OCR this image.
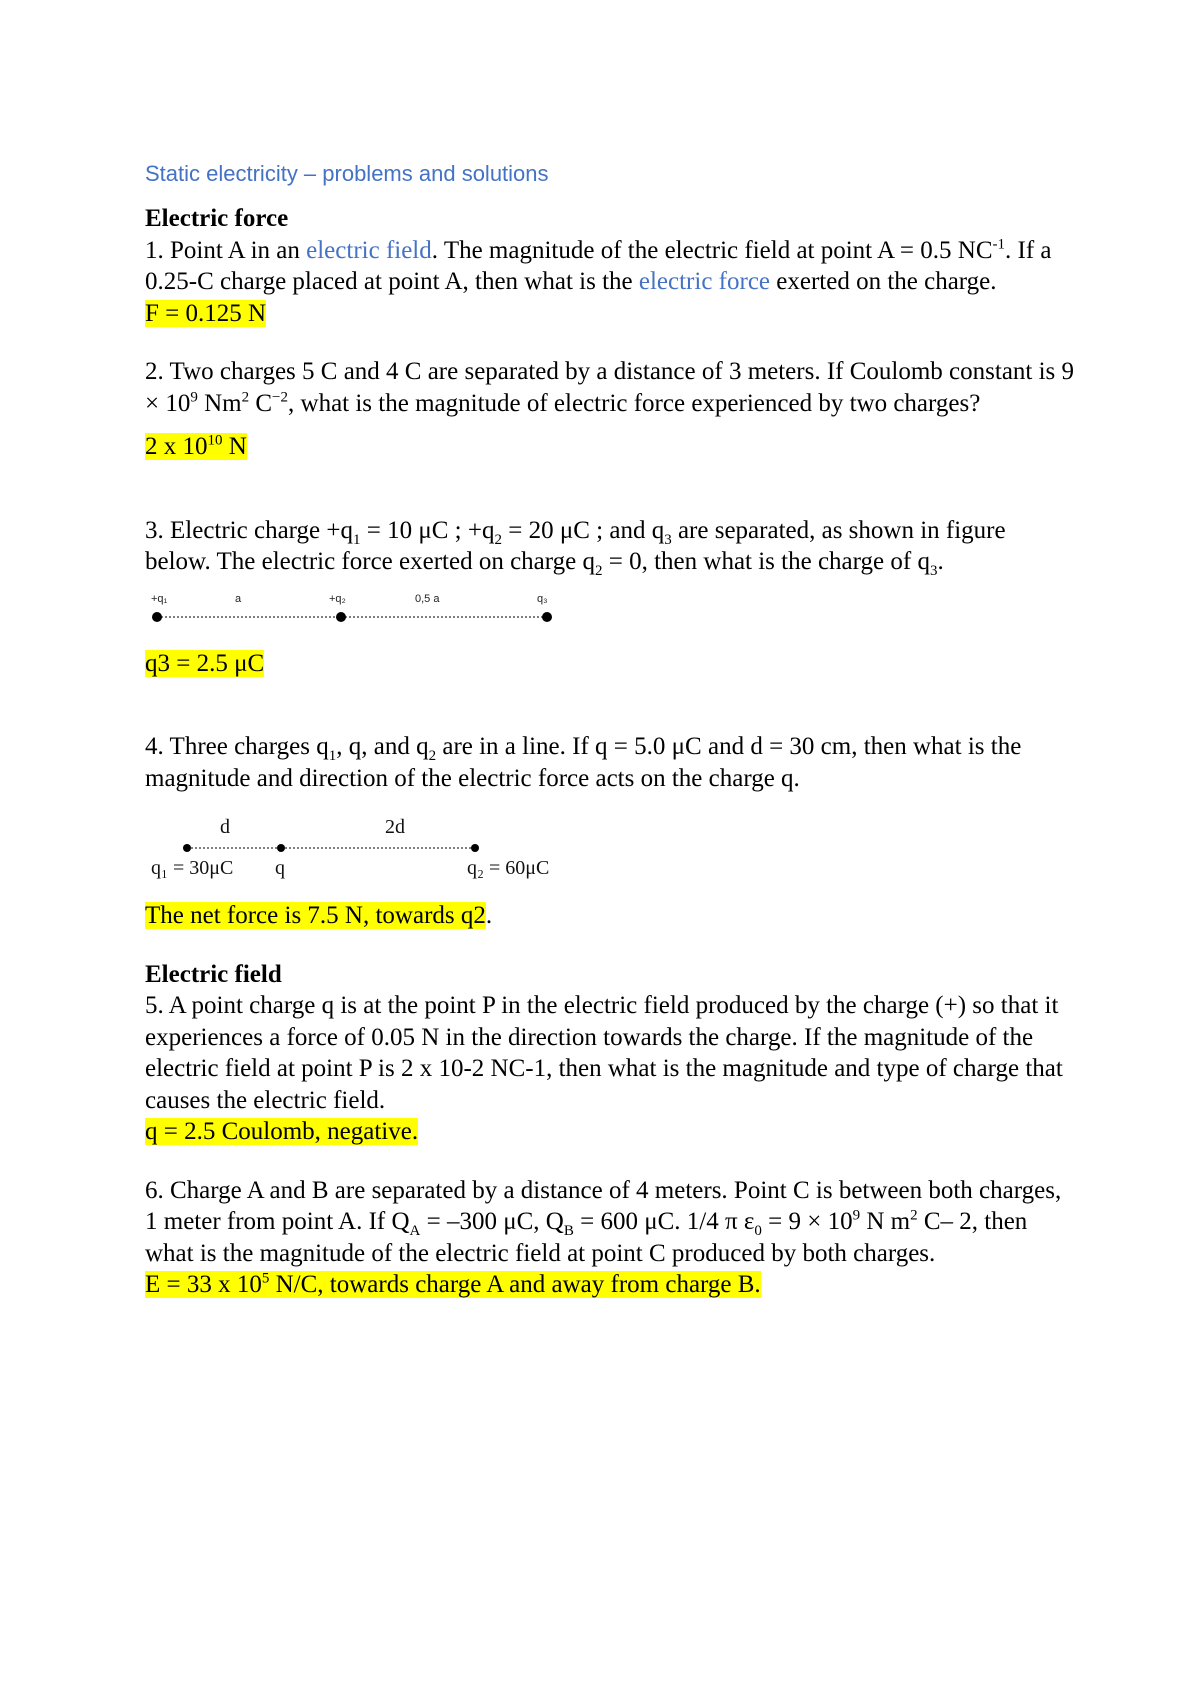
Static electricity – problems and solutions

Electric force

1. Point A in an electric field. The magnitude of the electric field at point A = 0.5 $NC^{-1}$. If a 0.25-C charge placed at point A, then what is the electric force exerted on the charge.

F = 0.125 N

2. Two charges 5 C and 4 C are separated by a distance of 3 meters. If Coulomb constant is $9 \times 10^9$ Nm$^2$ $C^{-2}$, what is the magnitude of electric force experienced by two charges?

2 x $10^{10}$ N

3. Electric charge $+q_1 = 10$ μC ; $+q_2 = 20$ μC ; and $q_3$ are separated, as shown in figure below. The electric force exerted on charge $q_2 = 0$, then what is the charge of $q_3$.

+q₁	a	+q₂	0,5 a	q₃

q3 = 2.5 μC

4. Three charges $q_1$, q, and $q_2$ are in a line. If q = 5.0 μC and d = 30 cm, then what is the magnitude and direction of the electric force acts on the charge q.

d	2d
q₁ = 30μC q	q₂ = 60μC

The net force is 7.5 N, towards q2.

Electric field

5. A point charge q is at the point P in the electric field produced by the charge (+) so that it experiences a force of 0.05 N in the direction towards the charge. If the magnitude of the electric field at point P is 2 x 10-2 NC-1, then what is the magnitude and type of charge that causes the electric field.

q = 2.5 Coulomb, negative.

6. Charge A and B are separated by a distance of 4 meters. Point C is between both charges, 1 meter from point A. If $Q_A = -300$ μC, $Q_B = 600$ μC. 1/4 π $\varepsilon_0 = 9 \times 10^9$ N $m^2$ C– 2, then what is the magnitude of the electric field at point C produced by both charges.

E = 33 x $10^5$ N/C, towards charge A and away from charge B.
